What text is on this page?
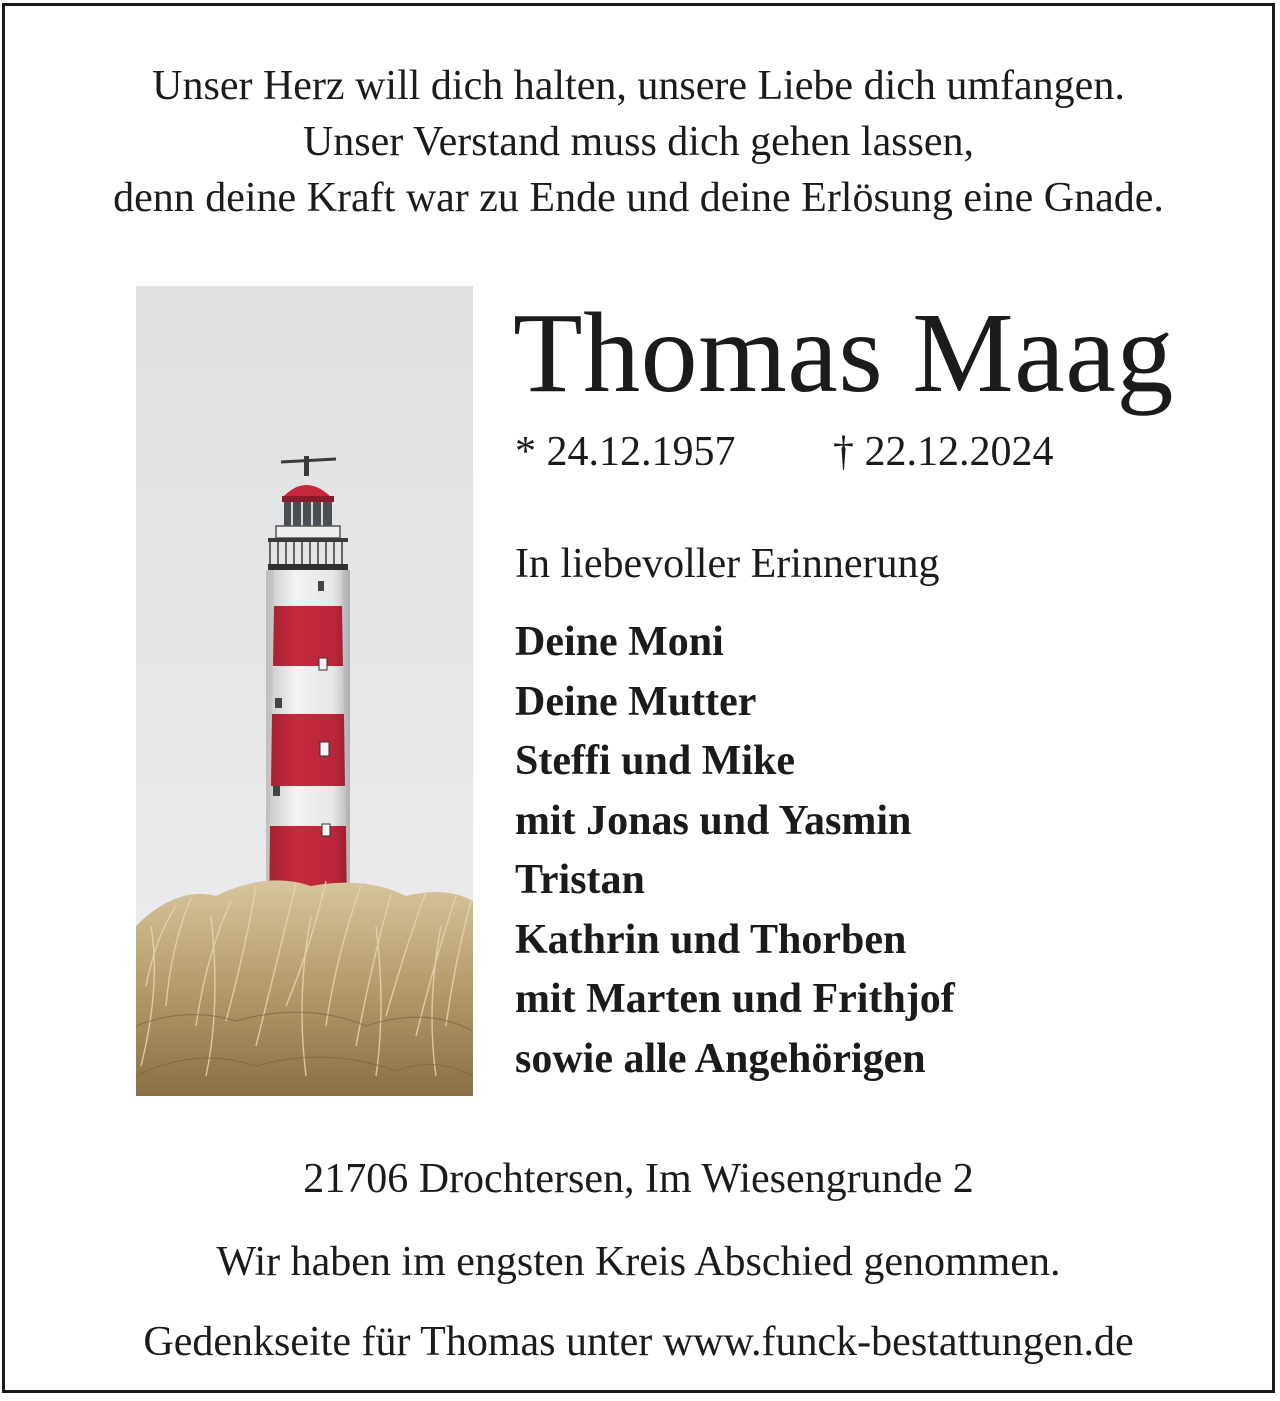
Unser Herz will dich halten, unsere Liebe dich umfangen.
Unser Verstand muss dich gehen lassen,
denn deine Kraft war zu Ende und deine Erlösung eine Gnade.
Thomas Maag
* 24.12.1957 † 22.12.2024
In liebevoller Erinnerung
Deine Moni
Deine Mutter
Steffi und Mike
mit Jonas und Yasmin
Tristan
Kathrin und Thorben
mit Marten und Frithjof
sowie alle Angehörigen
21706 Drochtersen, Im Wiesengrunde 2
Wir haben im engsten Kreis Abschied genommen.
Gedenkseite für Thomas unter www.funck-bestattungen.de
